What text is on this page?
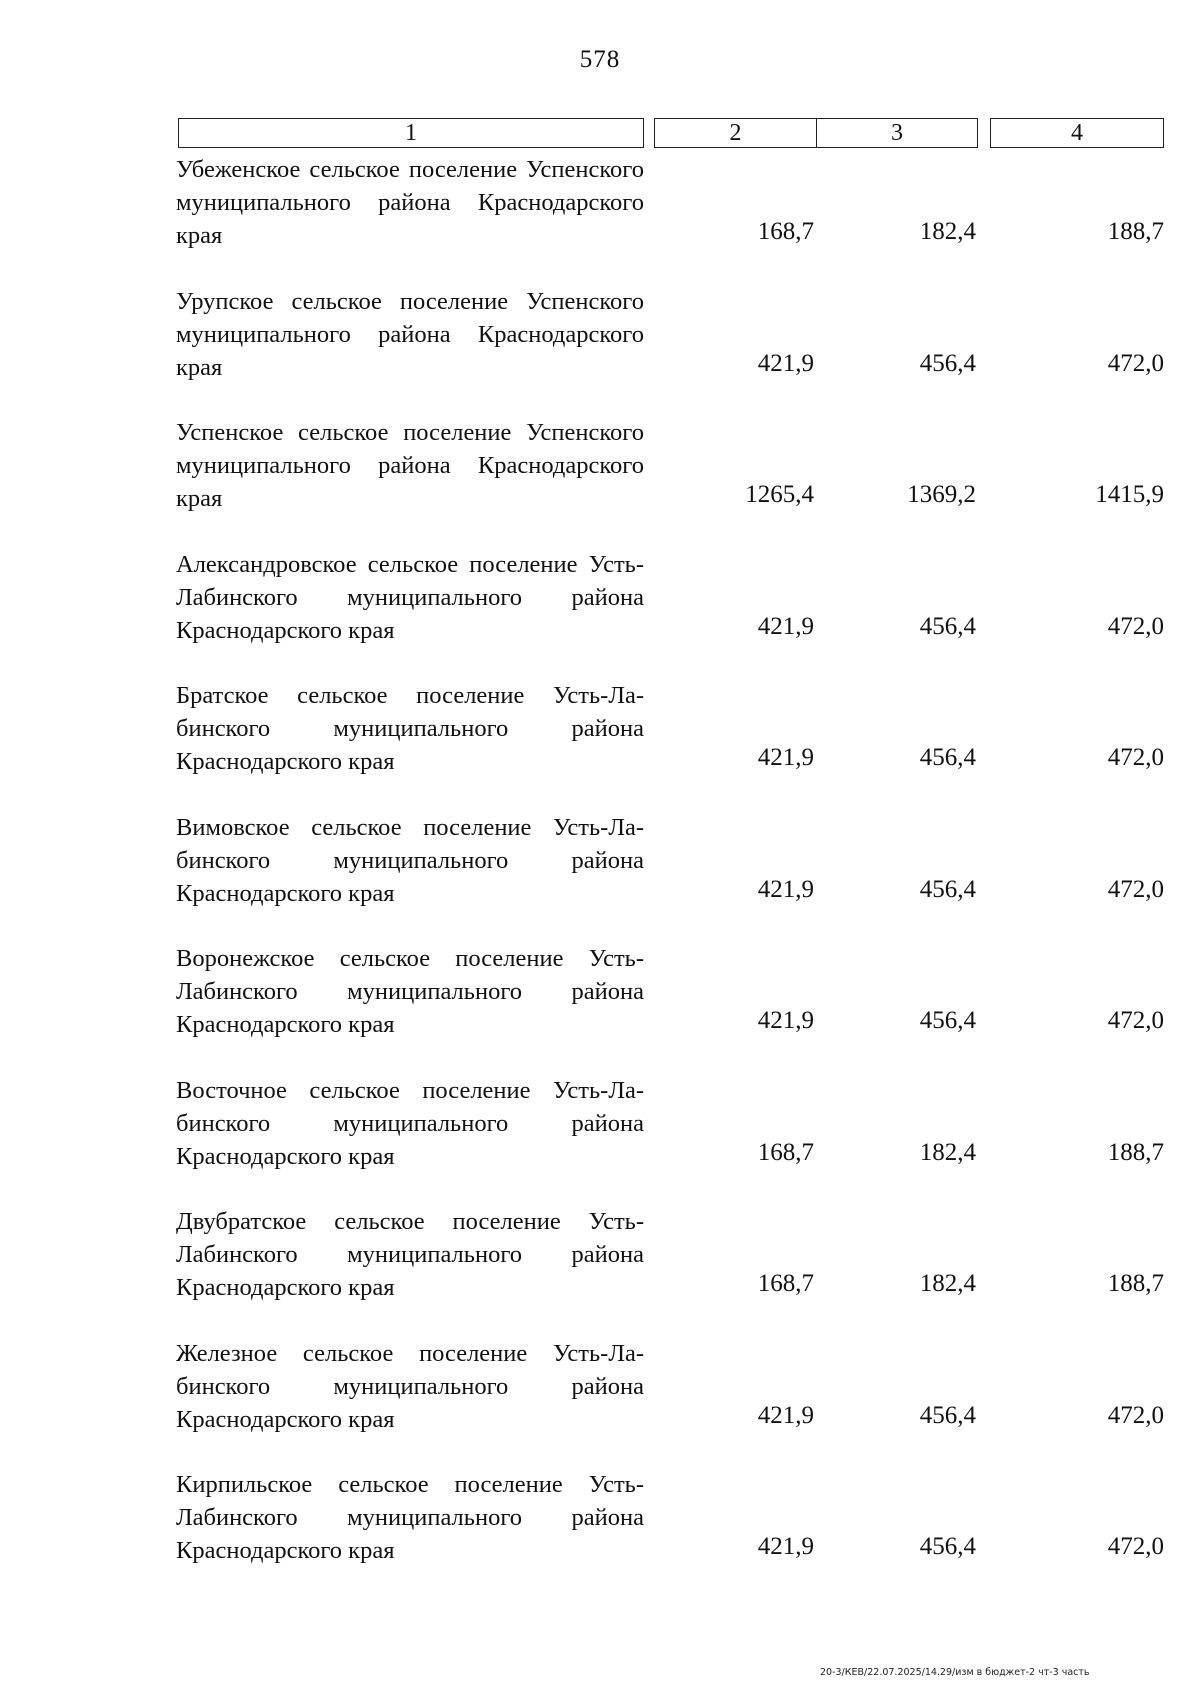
578
1	2	3	4
Убеженское сельское поселение Успенского муниципального района Краснодарского края	168,7	182,4	188,7
Урупское сельское поселение Успенского муниципального района Краснодарского края	421,9	456,4	472,0
Успенское сельское поселение Успенского муниципального района Краснодарского края	1265,4	1369,2	1415,9
Александровское сельское поселение Усть-Лабинского муниципального района Краснодарского края	421,9	456,4	472,0
Братское сельское поселение Усть-Лабинского муниципального района Краснодарского края	421,9	456,4	472,0
Вимовское сельское поселение Усть-Лабинского муниципального района Краснодарского края	421,9	456,4	472,0
Воронежское сельское поселение Усть-Лабинского муниципального района Краснодарского края	421,9	456,4	472,0
Восточное сельское поселение Усть-Лабинского муниципального района Краснодарского края	168,7	182,4	188,7
Двубратское сельское поселение Усть-Лабинского муниципального района Краснодарского края	168,7	182,4	188,7
Железное сельское поселение Усть-Лабинского муниципального района Краснодарского края	421,9	456,4	472,0
Кирпильское сельское поселение Усть-Лабинского муниципального района Краснодарского края	421,9	456,4	472,0
20-3/КЕВ/22.07.2025/14.29/изм в бюджет-2 чт-3 часть
